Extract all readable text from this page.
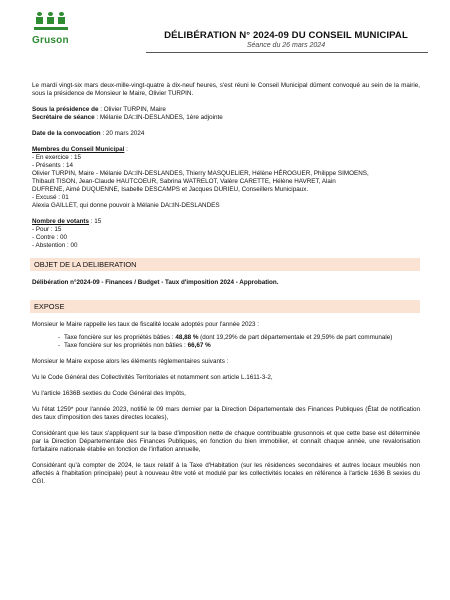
Gruson	DÉLIBÉRATION N° 2024-09 DU CONSEIL MUNICIPAL
Séance du 26 mars 2024

Le mardi vingt-six mars deux-mille-vingt-quatre à dix-neuf heures, s'est réuni le Conseil Municipal dûment convoqué au sein de la mairie, sous la présidence de Monsieur le Maire, Olivier TURPIN.

Sous la présidence de : Olivier TURPIN, Maire

Secrétaire de séance : Mélanie DA□IN-DESLANDES, 1ère adjointe

Date de la convocation : 20 mars 2024

Membres du Conseil Municipal :

- En exercice : 15

- Présents : 14

Olivier TURPIN, Maire - Mélanie DA□IN-DESLANDES, Thierry MASQUELIER, Hélène HÉROGUER, Philippe SIMOENS,

Thibault TISON, Jean-Claude HAUTCOEUR, Sabrina WATRELOT, Valère CARETTE, Hélène HAVRET, Alain

DUFRENE, Aimé DUQUENNE, Isabelle DESCAMPS et Jacques DURIEU, Conseillers Municipaux.

- Excusé : 01

Alexia GAILLET, qui donne pouvoir à Mélanie DA□IN-DESLANDES

Nombre de votants : 15

- Pour : 15

- Contre : 00

- Abstention : 00

OBJET DE LA DELIBERATION

Délibération n°2024-09 - Finances / Budget - Taux d'imposition 2024 - Approbation.

EXPOSE

Monsieur le Maire rappelle les taux de fiscalité locale adoptés pour l'année 2023 :

- Taxe foncière sur les propriétés bâties : 48,88 % (dont 19,29% de part départementale et 29,59% de part communale)
- Taxe foncière sur les propriétés non bâties : 66,67 %

Monsieur le Maire expose alors les éléments réglementaires suivants :

Vu le Code Général des Collectivités Territoriales et notamment son article L.1611-3-2,

Vu l'article 1636B sexties du Code Général des Impôts,

Vu l'état 1259* pour l'année 2023, notifié le 09 mars dernier par la Direction Départementale des Finances Publiques (État de notification des taux d'imposition des taxes directes locales),

Considérant que les taux s'appliquent sur la base d'imposition nette de chaque contribuable grusonnois et que cette base est déterminée par la Direction Départementale des Finances Publiques, en fonction du bien immobilier, et connaît chaque année, une revalorisation forfaitaire nationale établie en fonction de l'inflation annuelle,

Considérant qu'à compter de 2024, le taux relatif à la Taxe d'Habitation (sur les résidences secondaires et autres locaux meublés non affectés à l'habitation principale) peut à nouveau être voté et modulé par les collectivités locales en référence à l'article 1636 B sexies du CGI.
